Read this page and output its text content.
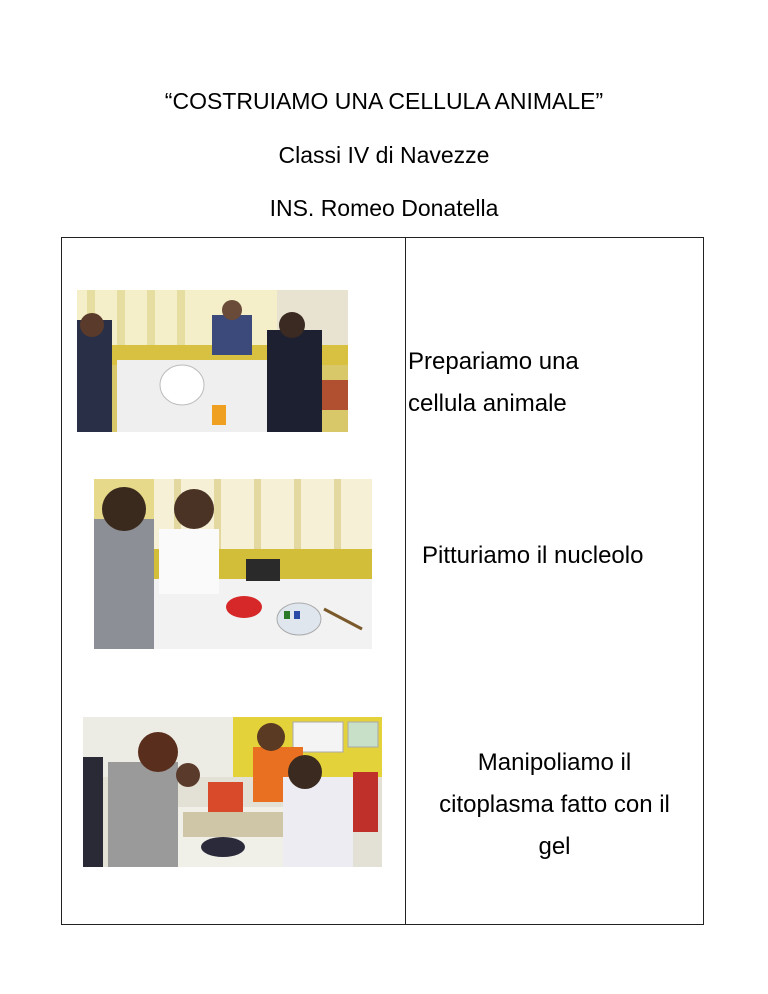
“COSTRUIAMO UNA CELLULA ANIMALE”
Classi IV di Navezze
INS. Romeo Donatella
Prepariamo una
cellula animale
Pitturiamo il nucleolo
Manipoliamo il
citoplasma fatto con il
gel
